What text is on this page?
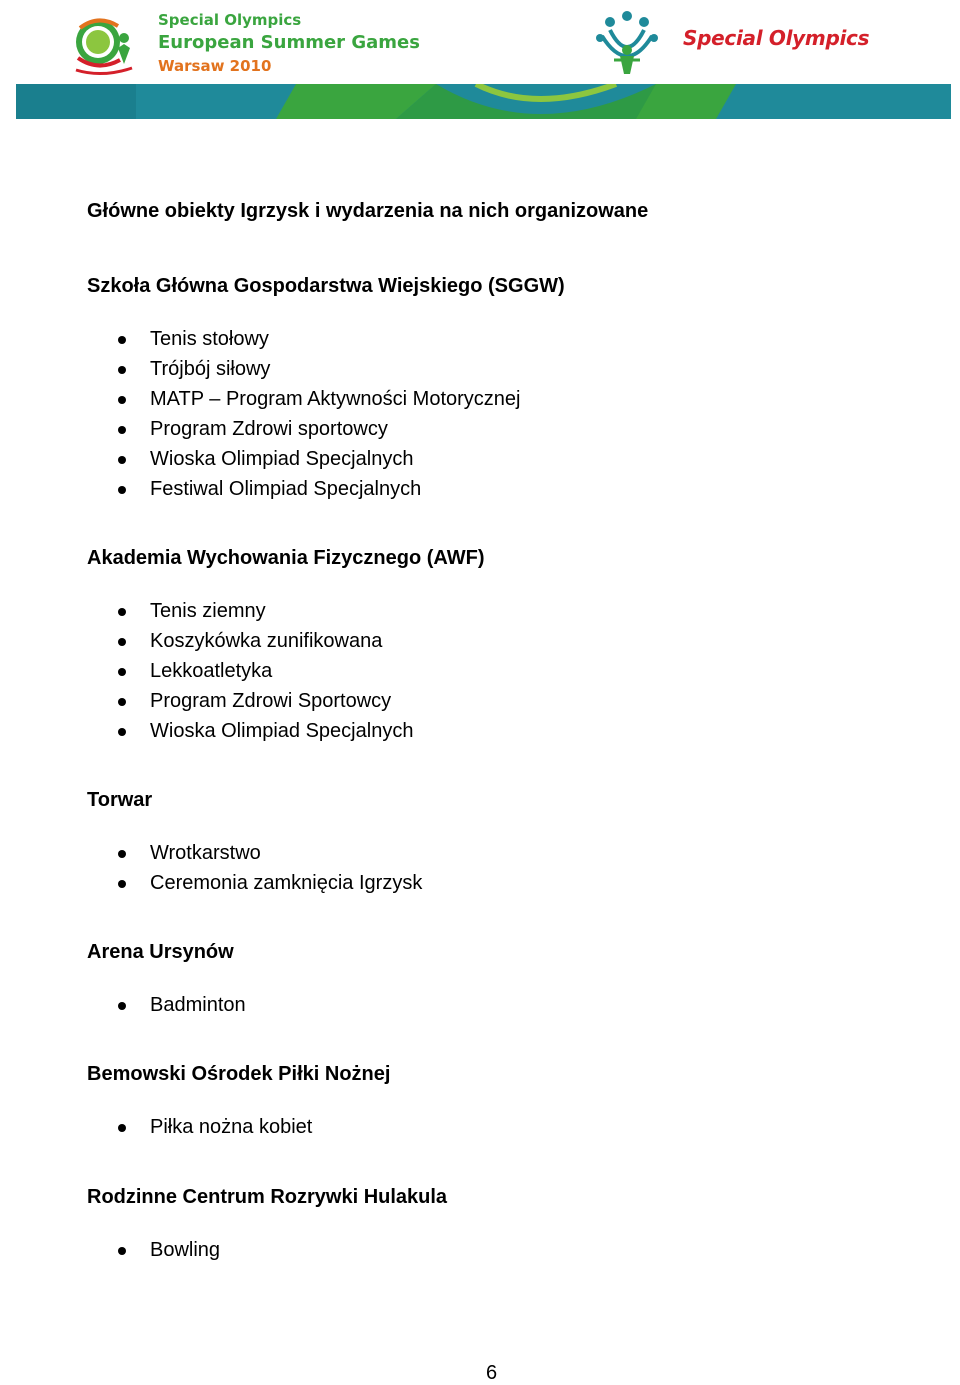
Special Olympics
European Summer Games
Warsaw 2010
Special Olympics
Główne obiekty Igrzysk i wydarzenia na nich organizowane
Szkoła Główna Gospodarstwa Wiejskiego (SGGW)
Tenis stołowy
Trójbój siłowy
MATP – Program Aktywności Motorycznej
Program Zdrowi sportowcy
Wioska Olimpiad Specjalnych
Festiwal Olimpiad Specjalnych
Akademia Wychowania Fizycznego (AWF)
Tenis ziemny
Koszykówka zunifikowana
Lekkoatletyka
Program Zdrowi Sportowcy
Wioska Olimpiad Specjalnych
Torwar
Wrotkarstwo
Ceremonia zamknięcia Igrzysk
Arena Ursynów
Badminton
Bemowski Ośrodek Piłki Nożnej
Piłka nożna kobiet
Rodzinne Centrum Rozrywki Hulakula
Bowling
6
